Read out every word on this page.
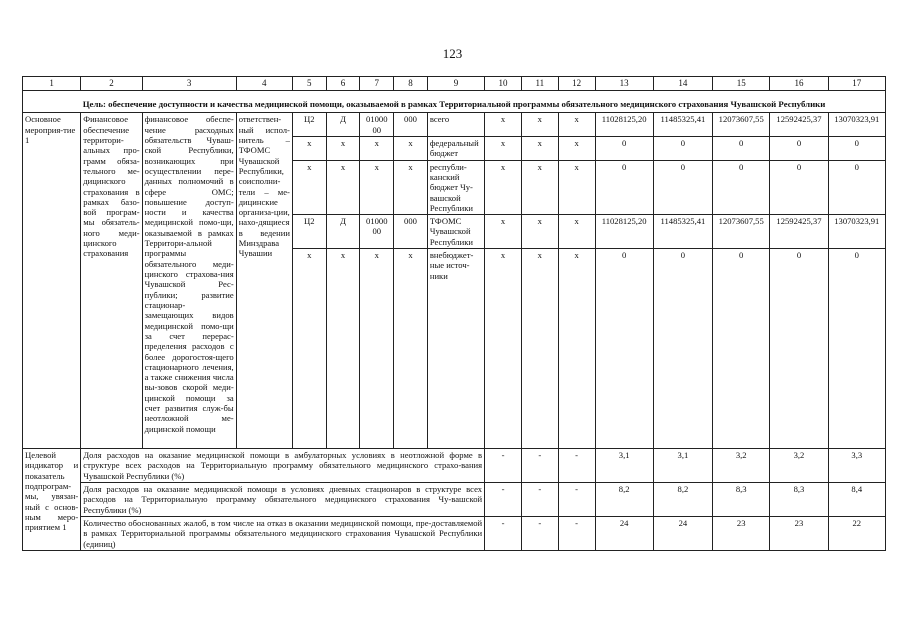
123
1	2	3	4	5	6	7	8	9	10	11	12	13	14	15	16	17
Цель: обеспечение доступности и качества медицинской помощи, оказываемой в рамках Территориальной программы обязательного медицинского страхования Чувашской Республики																
Основное мероприя-тие 1	Финансовое обеспечение территори-альных про-грамм обяза-тельного ме-дицинского страхования в рамках базо-вой програм-мы обязатель-ного меди-цинского страхования	финансовое обеспе-чение расходных обязательств Чуваш-ской Республики, возникающих при осуществлении пере-данных полномочий в сфере ОМС; повышение доступ-ности и качества медицинской помо-щи, оказываемой в рамках Территори-альной программы обязательного меди-цинского страхова-ния Чувашской Рес-публики; развитие стационар-замещающих видов медицинской помо-щи за счет перерас-пределения расходов с более дорогостоя-щего стационарного лечения, а также снижения числа вы-зовов скорой меди-цинской помощи за счет развития служ-бы неотложной ме-дицинской помощи	ответствен-ный испол-нитель – ТФОМС Чувашской Республики, соисполни-тели – ме-дицинские организа-ции, нахо-дящиеся в ведении Минздрава Чувашии	Ц2	Д	01000 00	000	всего	х	х	х	11028125,20	11485325,41	12073607,55	12592425,37	13070323,91
				х	х	х	х	федеральный бюджет	х	х	х	0	0	0	0	0
				х	х	х	х	республи-канский бюджет Чу-вашской Республики	х	х	х	0	0	0	0	0
				Ц2	Д	01000 00	000	ТФОМС Чувашской Республики	х	х	х	11028125,20	11485325,41	12073607,55	12592425,37	13070323,91
				х	х	х	х	внебюджет-ные источ-ники	х	х	х	0	0	0	0	0
Целевой индикатор и показатель подпрограм-мы, увязан-ный с основ-ным меро-приятием 1	Доля расходов на оказание медицинской помощи в амбулаторных условиях в неотложной форме в структуре всех расходов на Территориальную программу обязательного медицинского страхо-вания Чувашской Республики (%)								-	-	-	3,1	3,1	3,2	3,2	3,3
	Доля расходов на оказание медицинской помощи в условиях дневных стационаров в структуре всех расходов на Территориальную программу обязательного медицинского страхования Чу-вашской Республики (%)								-	-	-	8,2	8,2	8,3	8,3	8,4
	Количество обоснованных жалоб, в том числе на отказ в оказании медицинской помощи, пре-доставляемой в рамках Территориальной программы обязательного медицинского страхования Чувашской Республики (единиц)								-	-	-	24	24	23	23	22
